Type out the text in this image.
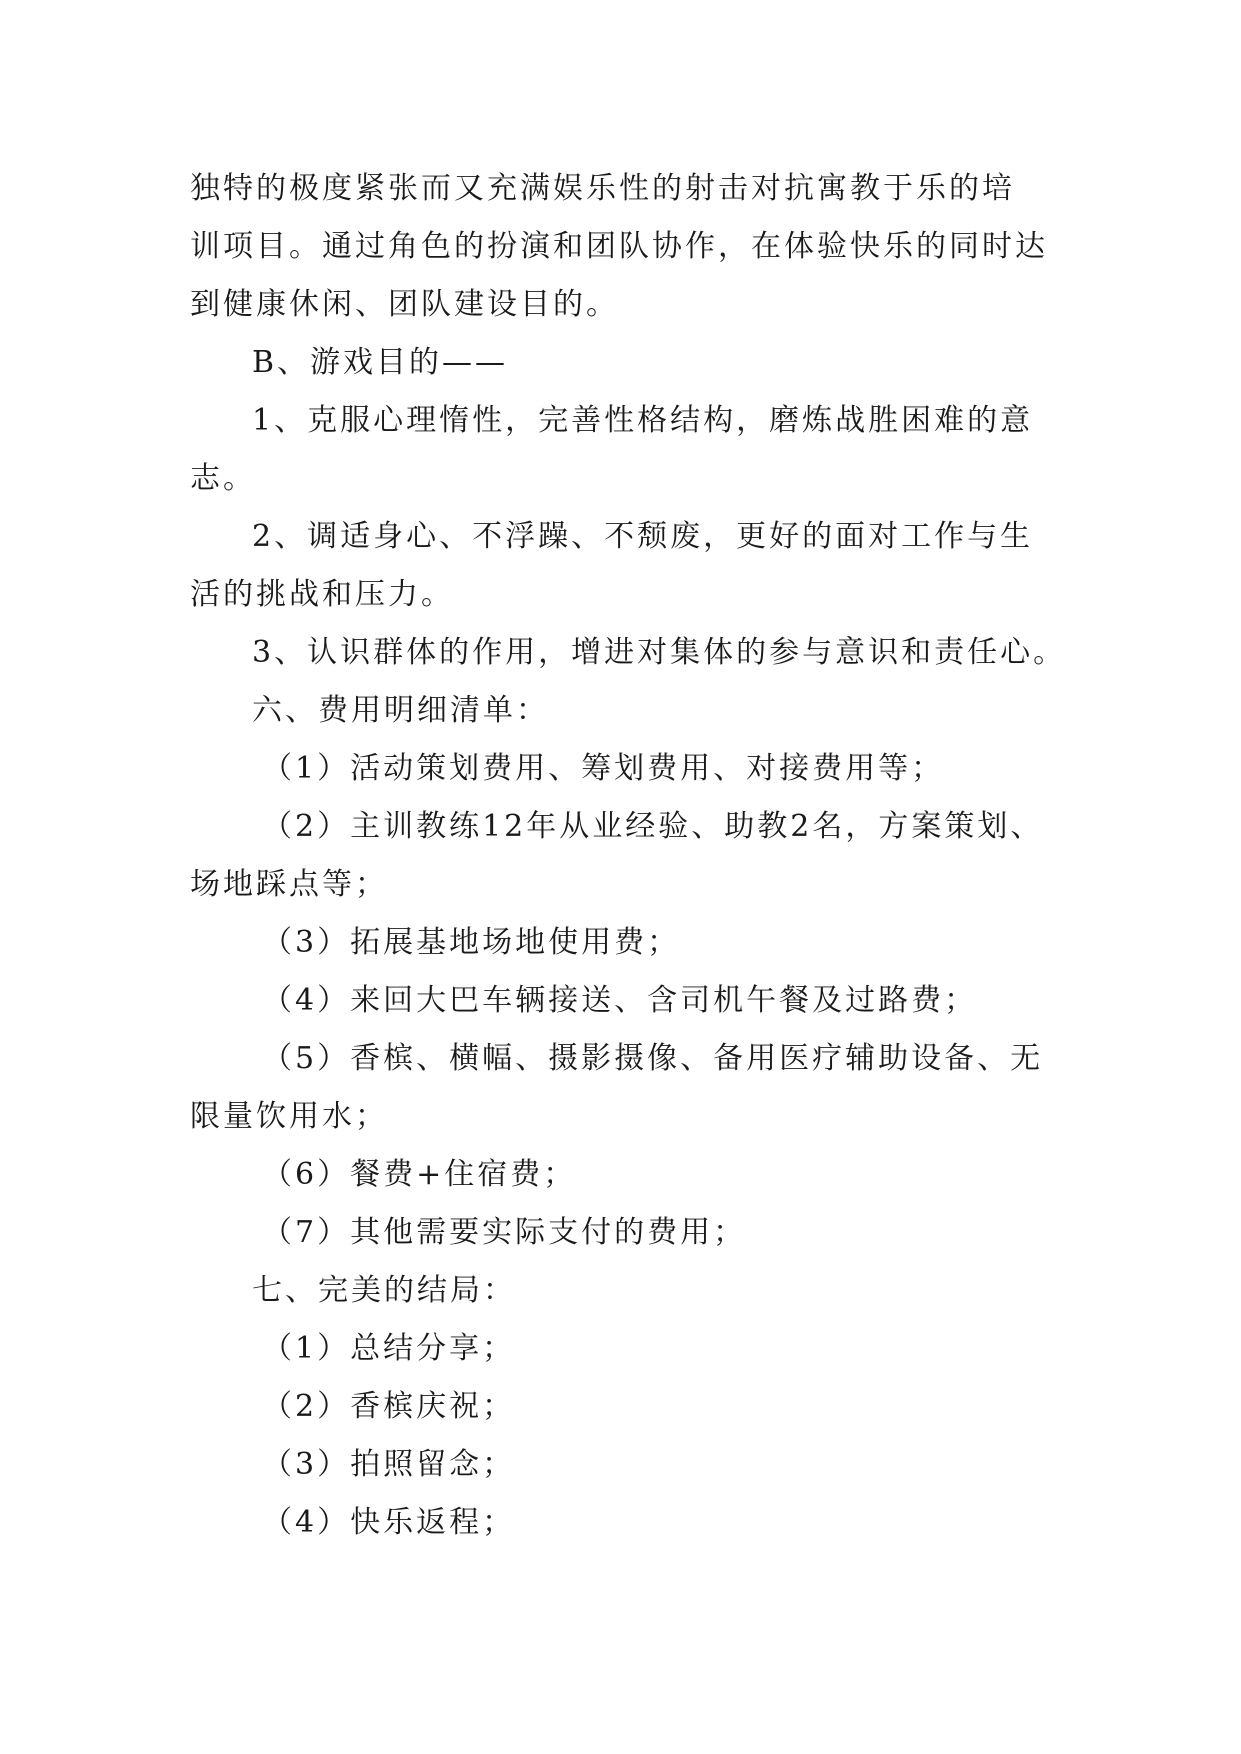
独特的极度紧张而又充满娱乐性的射击对抗寓教于乐的培
训项目。通过角色的扮演和团队协作，在体验快乐的同时达
到健康休闲、团队建设目的。
B、游戏目的——
1、克服心理惰性，完善性格结构，磨炼战胜困难的意
志。
2、调适身心、不浮躁、不颓废，更好的面对工作与生
活的挑战和压力。
3、认识群体的作用，增进对集体的参与意识和责任心。
六、费用明细清单：
（1）活动策划费用、筹划费用、对接费用等；
（2）主训教练12年从业经验、助教2名，方案策划、
场地踩点等；
（3）拓展基地场地使用费；
（4）来回大巴车辆接送、含司机午餐及过路费；
（5）香槟、横幅、摄影摄像、备用医疗辅助设备、无
限量饮用水；
（6）餐费+住宿费；
（7）其他需要实际支付的费用；
七、完美的结局：
（1）总结分享；
（2）香槟庆祝；
（3）拍照留念；
（4）快乐返程；
